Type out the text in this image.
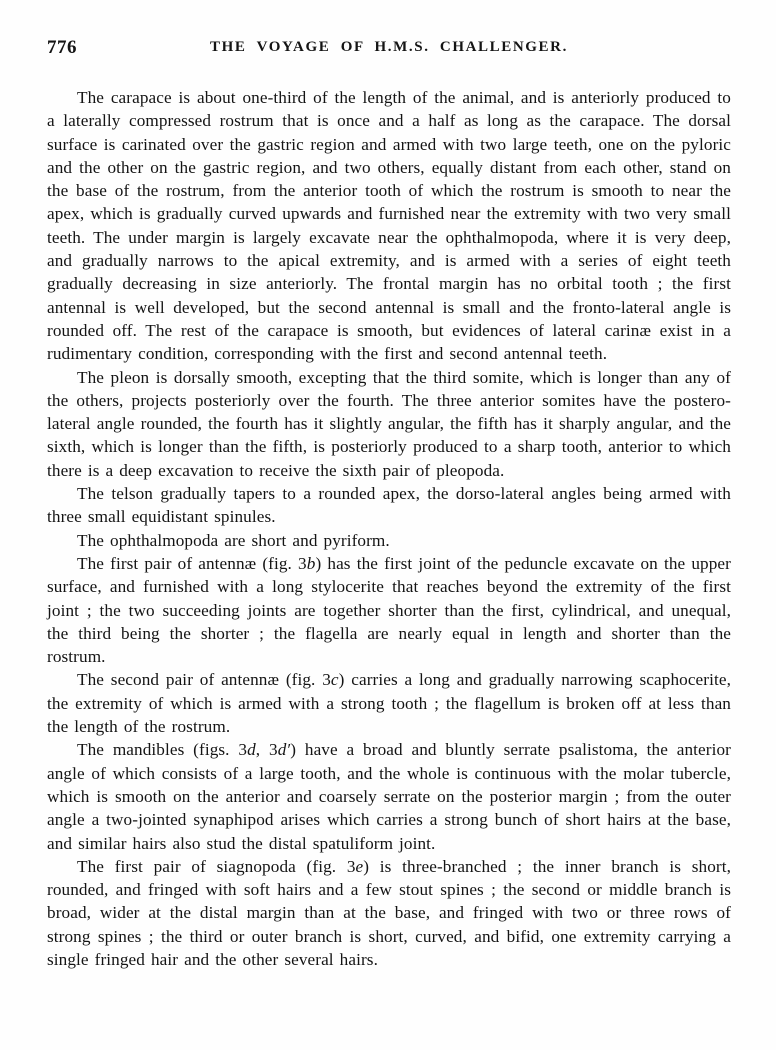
776	THE VOYAGE OF H.M.S. CHALLENGER.

The carapace is about one-third of the length of the animal, and is anteriorly produced to a laterally compressed rostrum that is once and a half as long as the carapace. The dorsal surface is carinated over the gastric region and armed with two large teeth, one on the pyloric and the other on the gastric region, and two others, equally distant from each other, stand on the base of the rostrum, from the anterior tooth of which the rostrum is smooth to near the apex, which is gradually curved upwards and furnished near the extremity with two very small teeth. The under margin is largely excavate near the ophthalmopoda, where it is very deep, and gradually narrows to the apical extremity, and is armed with a series of eight teeth gradually decreasing in size anteriorly. The frontal margin has no orbital tooth ; the first antennal is well developed, but the second antennal is small and the fronto-lateral angle is rounded off. The rest of the carapace is smooth, but evidences of lateral carinæ exist in a rudimentary condition, corresponding with the first and second antennal teeth.

The pleon is dorsally smooth, excepting that the third somite, which is longer than any of the others, projects posteriorly over the fourth. The three anterior somites have the postero-lateral angle rounded, the fourth has it slightly angular, the fifth has it sharply angular, and the sixth, which is longer than the fifth, is posteriorly produced to a sharp tooth, anterior to which there is a deep excavation to receive the sixth pair of pleopoda.

The telson gradually tapers to a rounded apex, the dorso-lateral angles being armed with three small equidistant spinules.

The ophthalmopoda are short and pyriform.

The first pair of antennæ (fig. 3b) has the first joint of the peduncle excavate on the upper surface, and furnished with a long stylocerite that reaches beyond the extremity of the first joint ; the two succeeding joints are together shorter than the first, cylindrical, and unequal, the third being the shorter ; the flagella are nearly equal in length and shorter than the rostrum.

The second pair of antennæ (fig. 3c) carries a long and gradually narrowing scaphocerite, the extremity of which is armed with a strong tooth ; the flagellum is broken off at less than the length of the rostrum.

The mandibles (figs. 3d, 3d′) have a broad and bluntly serrate psalistoma, the anterior angle of which consists of a large tooth, and the whole is continuous with the molar tubercle, which is smooth on the anterior and coarsely serrate on the posterior margin ; from the outer angle a two-jointed synaphipod arises which carries a strong bunch of short hairs at the base, and similar hairs also stud the distal spatuliform joint.

The first pair of siagnopoda (fig. 3e) is three-branched ; the inner branch is short, rounded, and fringed with soft hairs and a few stout spines ; the second or middle branch is broad, wider at the distal margin than at the base, and fringed with two or three rows of strong spines ; the third or outer branch is short, curved, and bifid, one extremity carrying a single fringed hair and the other several hairs.
